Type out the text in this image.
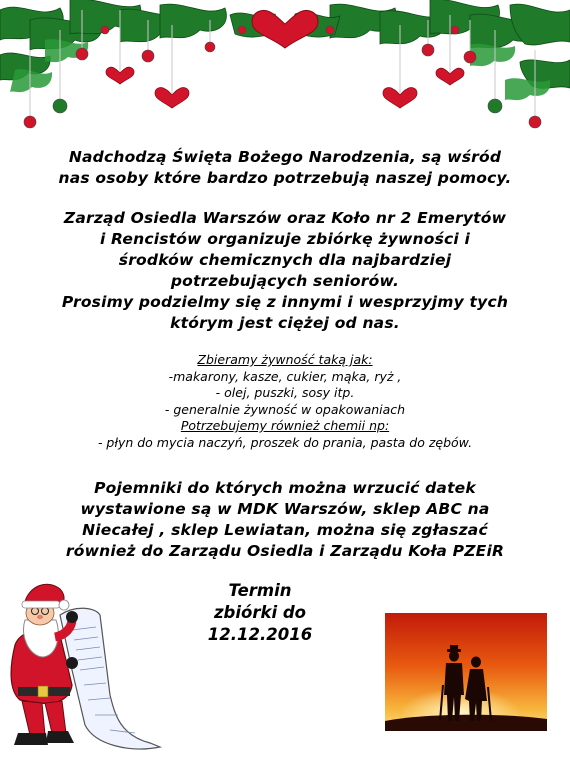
Nadchodzą Święta Bożego Narodzenia, są wśród
nas osoby które bardzo potrzebują naszej pomocy.
Zarząd Osiedla Warszów oraz Koło nr 2 Emerytów
i Rencistów organizuje zbiórkę żywności i
środków chemicznych dla najbardziej
potrzebujących seniorów.
Prosimy podzielmy się z innymi i wesprzyjmy tych
którym jest ciężej od nas.
Zbieramy żywność taką jak:
-makarony, kasze, cukier, mąka, ryż ,
- olej, puszki, sosy itp.
- generalnie żywność w opakowaniach
Potrzebujemy również chemii np:
- płyn do mycia naczyń, proszek do prania, pasta do zębów.
Pojemniki do których można wrzucić datek
wystawione są w MDK Warszów, sklep ABC na
Niecałej , sklep Lewiatan, można się zgłaszać
również do Zarządu Osiedla i Zarządu Koła PZEiR
Termin
zbiórki do
12.12.2016
